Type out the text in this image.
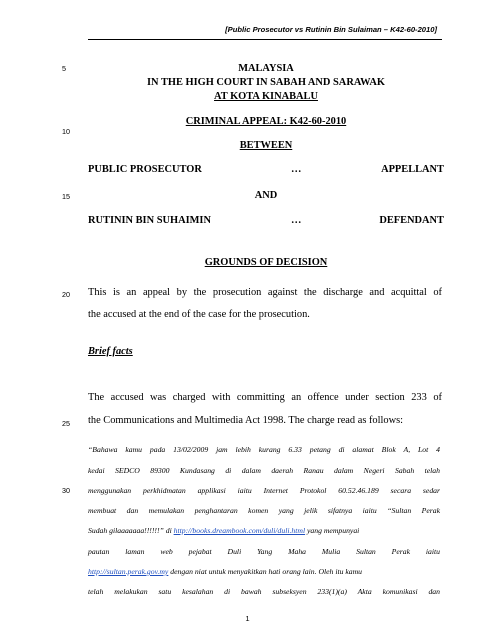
[Public Prosecutor vs Rutinin Bin Sulaiman – K42-60-2010]
5
10
15
20
25
30
MALAYSIA
IN THE HIGH COURT IN SABAH AND SARAWAK
AT KOTA KINABALU
CRIMINAL APPEAL: K42-60-2010
BETWEEN
PUBLIC PROSECUTOR	…	APPELLANT
AND
RUTININ BIN SUHAIMIN	…	DEFENDANT
GROUNDS OF DECISION
This is an appeal by the prosecution against the discharge and acquittal of
the accused at the end of the case for the prosecution.
Brief facts
The accused was charged with committing an offence under section 233 of
the Communications and Multimedia Act 1998. The charge read as follows:
“Bahawa kamu pada 13/02/2009 jam lebih kurang 6.33 petang di alamat Blok A, Lot 4
kedai SEDCO 89300 Kundasang di dalam daerah Ranau dalam Negeri Sabah telah
menggunakan perkhidmatan applikasi iaitu Internet Protokol 60.52.46.189 secara sedar
membuat dan memulakan penghantaran komen yang jelik sifatnya iaitu “Sultan Perak
Sudah gilaaaaaaa!!!!!!” di http://books.dreambook.com/duli/duli.html yang mempunyai
pautan laman web pejabat Duli Yang Maha Mulia Sultan Perak iaitu
http://sultan.perak.gov.my dengan niat untuk menyakitkan hati orang lain. Oleh itu kamu
telah melakukan satu kesalahan di bawah subseksyen 233(1)(a) Akta komunikasi dan
1
